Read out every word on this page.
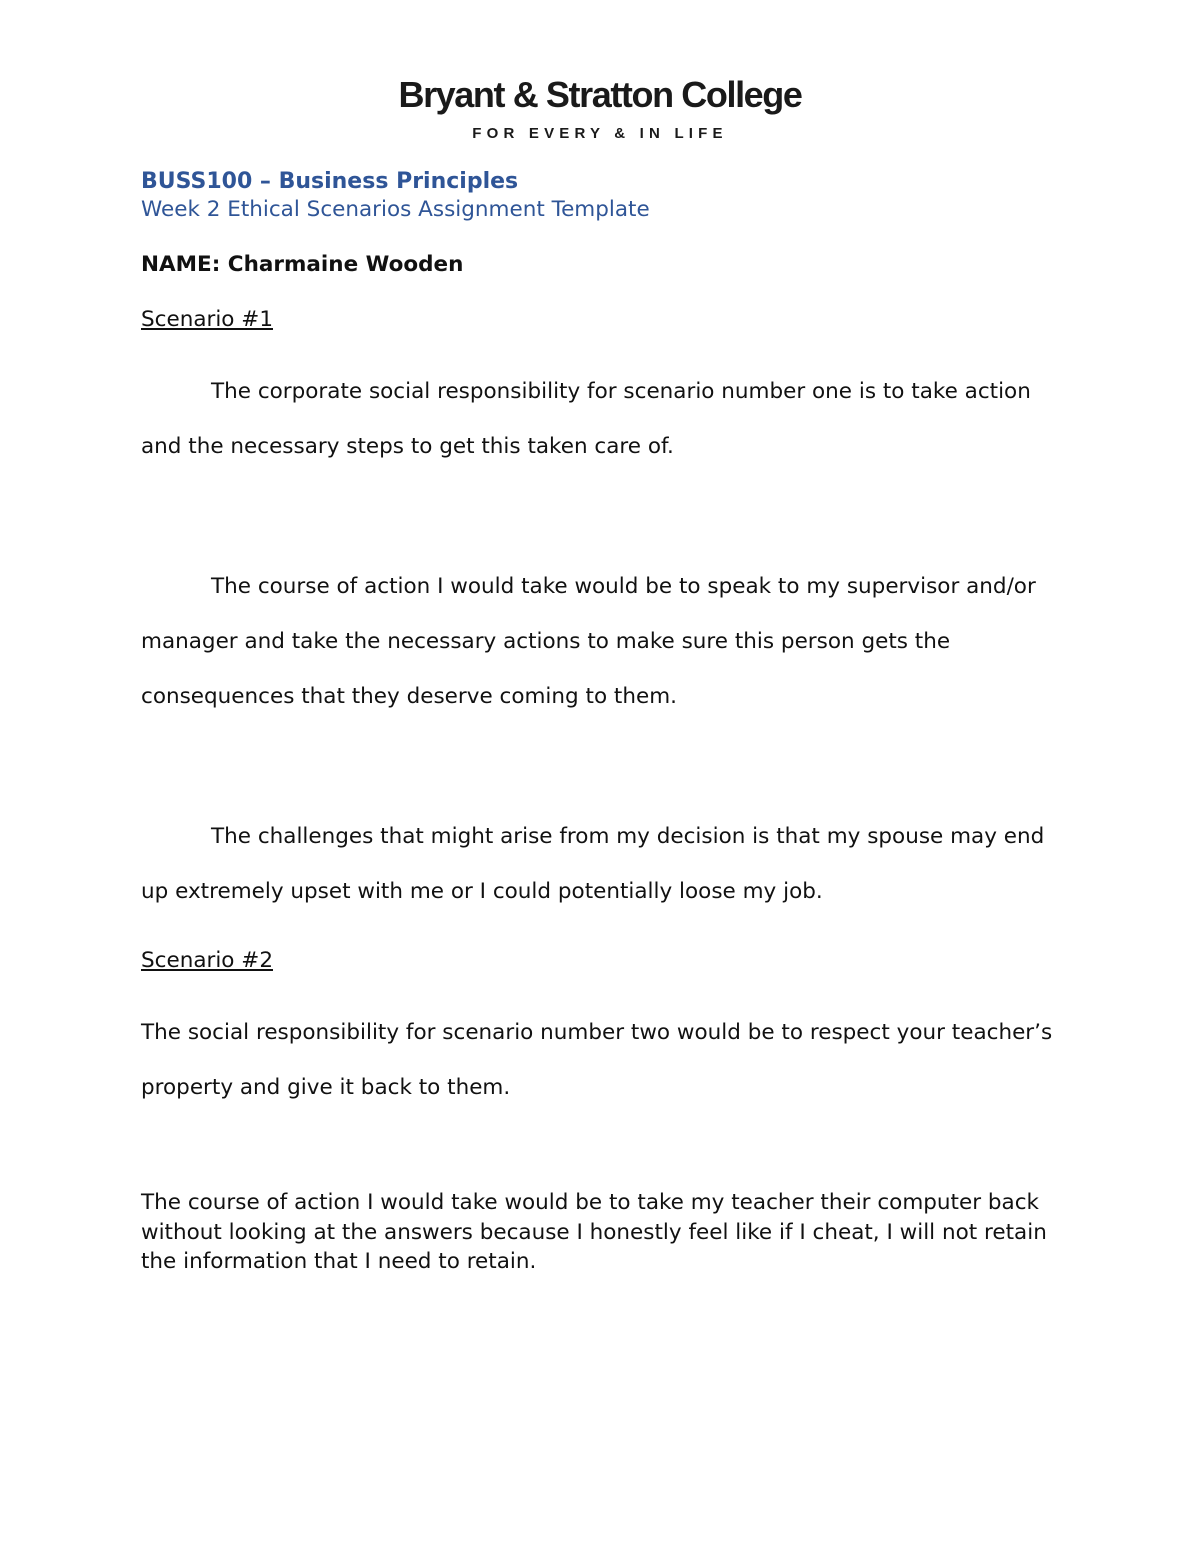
Bryant & Stratton College
FOR EVERY & IN LIFE
BUSS100 – Business Principles
Week 2 Ethical Scenarios Assignment Template
NAME: Charmaine Wooden
Scenario #1
The corporate social responsibility for scenario number one is to take action and the necessary steps to get this taken care of.
The course of action I would take would be to speak to my supervisor and/or manager and take the necessary actions to make sure this person gets the consequences that they deserve coming to them.
The challenges that might arise from my decision is that my spouse may end up extremely upset with me or I could potentially loose my job.
Scenario #2
The social responsibility for scenario number two would be to respect your teacher’s property and give it back to them.
The course of action I would take would be to take my teacher their computer back without looking at the answers because I honestly feel like if I cheat, I will not retain the information that I need to retain.
